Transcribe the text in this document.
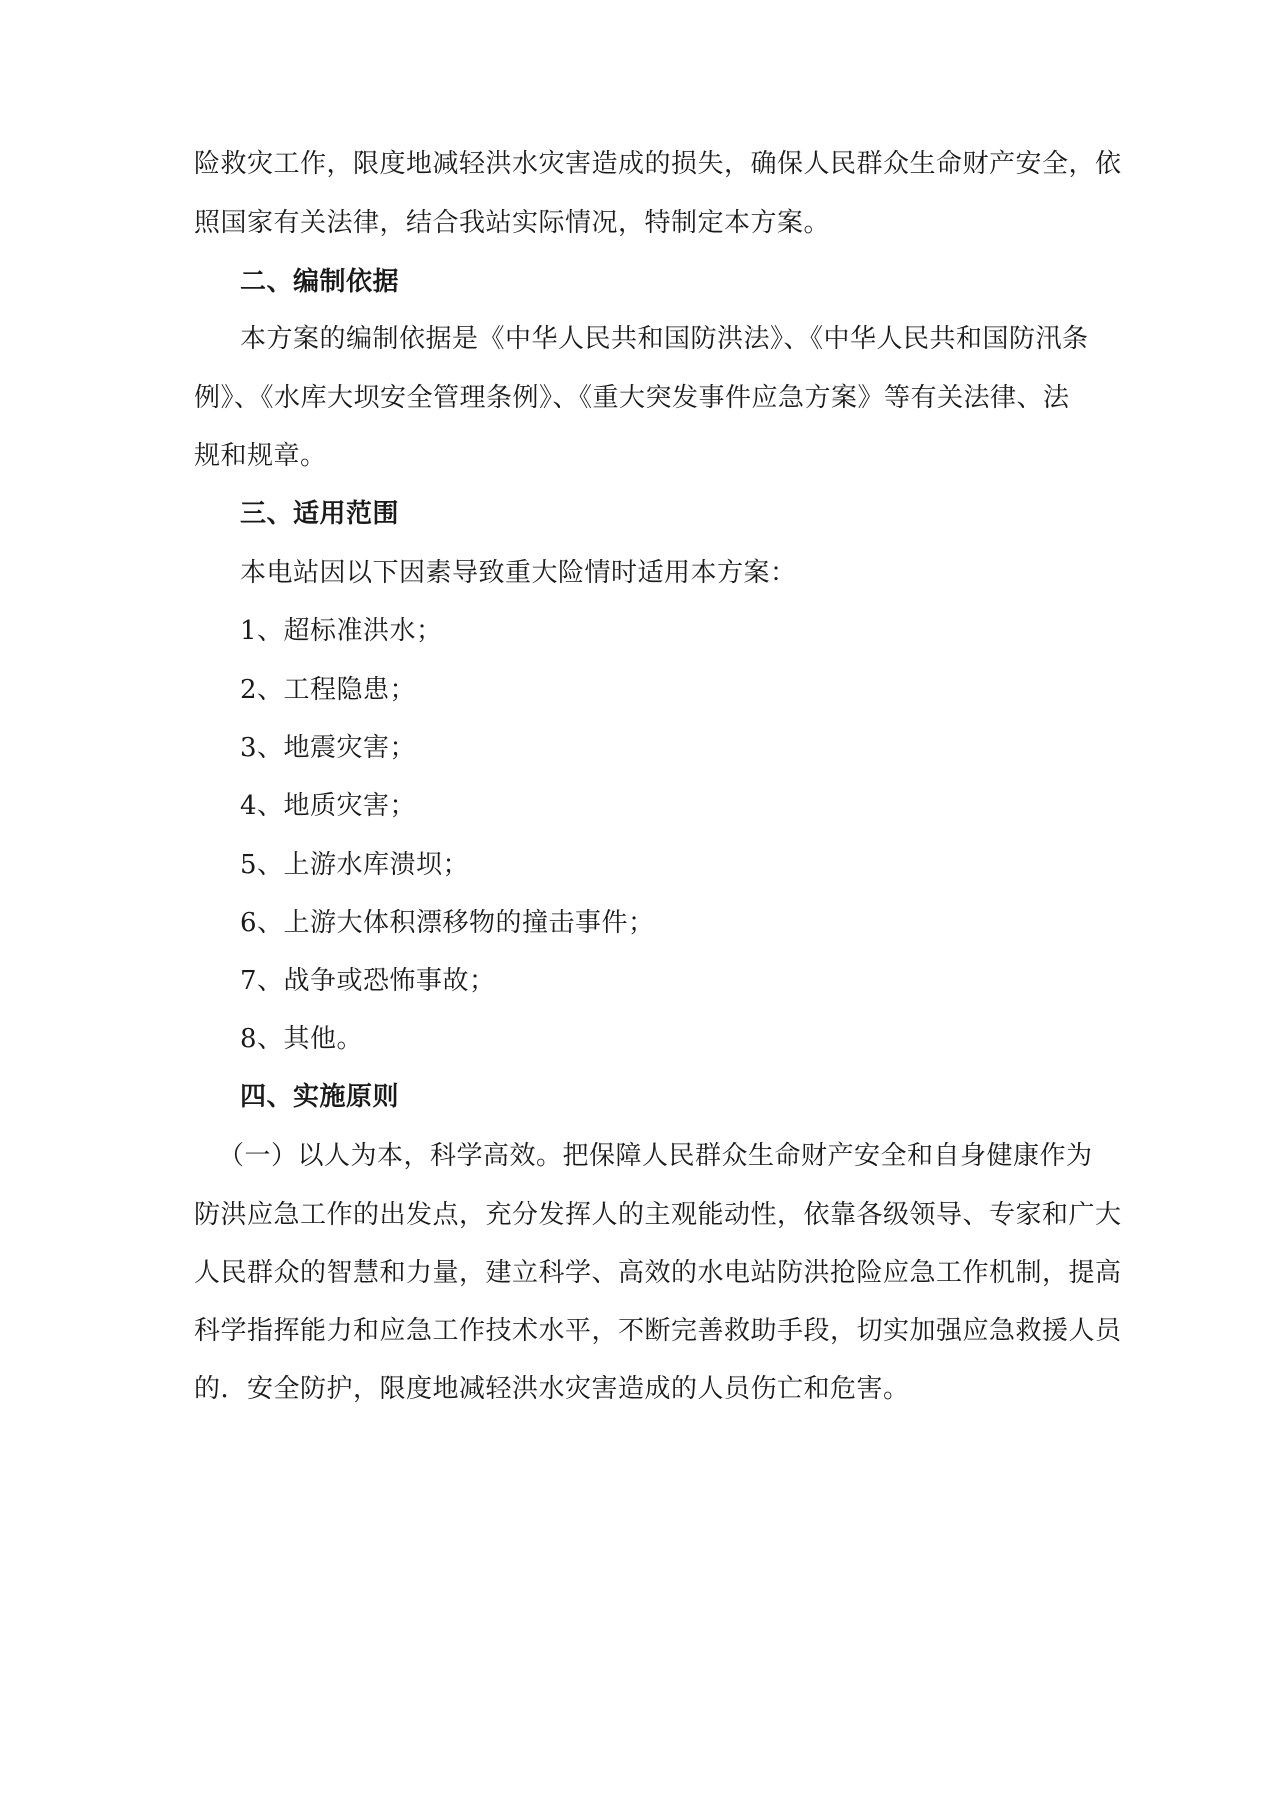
险救灾工作，限度地减轻洪水灾害造成的损失，确保人民群众生命财产安全，依
照国家有关法律，结合我站实际情况，特制定本方案。
二、编制依据
本方案的编制依据是《中华人民共和国防洪法》、《中华人民共和国防汛条
例》、《水库大坝安全管理条例》、《重大突发事件应急方案》等有关法律、法
规和规章。
三、适用范围
本电站因以下因素导致重大险情时适用本方案：
1、超标准洪水；
2、工程隐患；
3、地震灾害；
4、地质灾害；
5、上游水库溃坝；
6、上游大体积漂移物的撞击事件；
7、战争或恐怖事故；
8、其他。
四、实施原则
（一）以人为本，科学高效。把保障人民群众生命财产安全和自身健康作为
防洪应急工作的出发点，充分发挥人的主观能动性，依靠各级领导、专家和广大
人民群众的智慧和力量，建立科学、高效的水电站防洪抢险应急工作机制，提高
科学指挥能力和应急工作技术水平，不断完善救助手段，切实加强应急救援人员
的．安全防护，限度地减轻洪水灾害造成的人员伤亡和危害。
